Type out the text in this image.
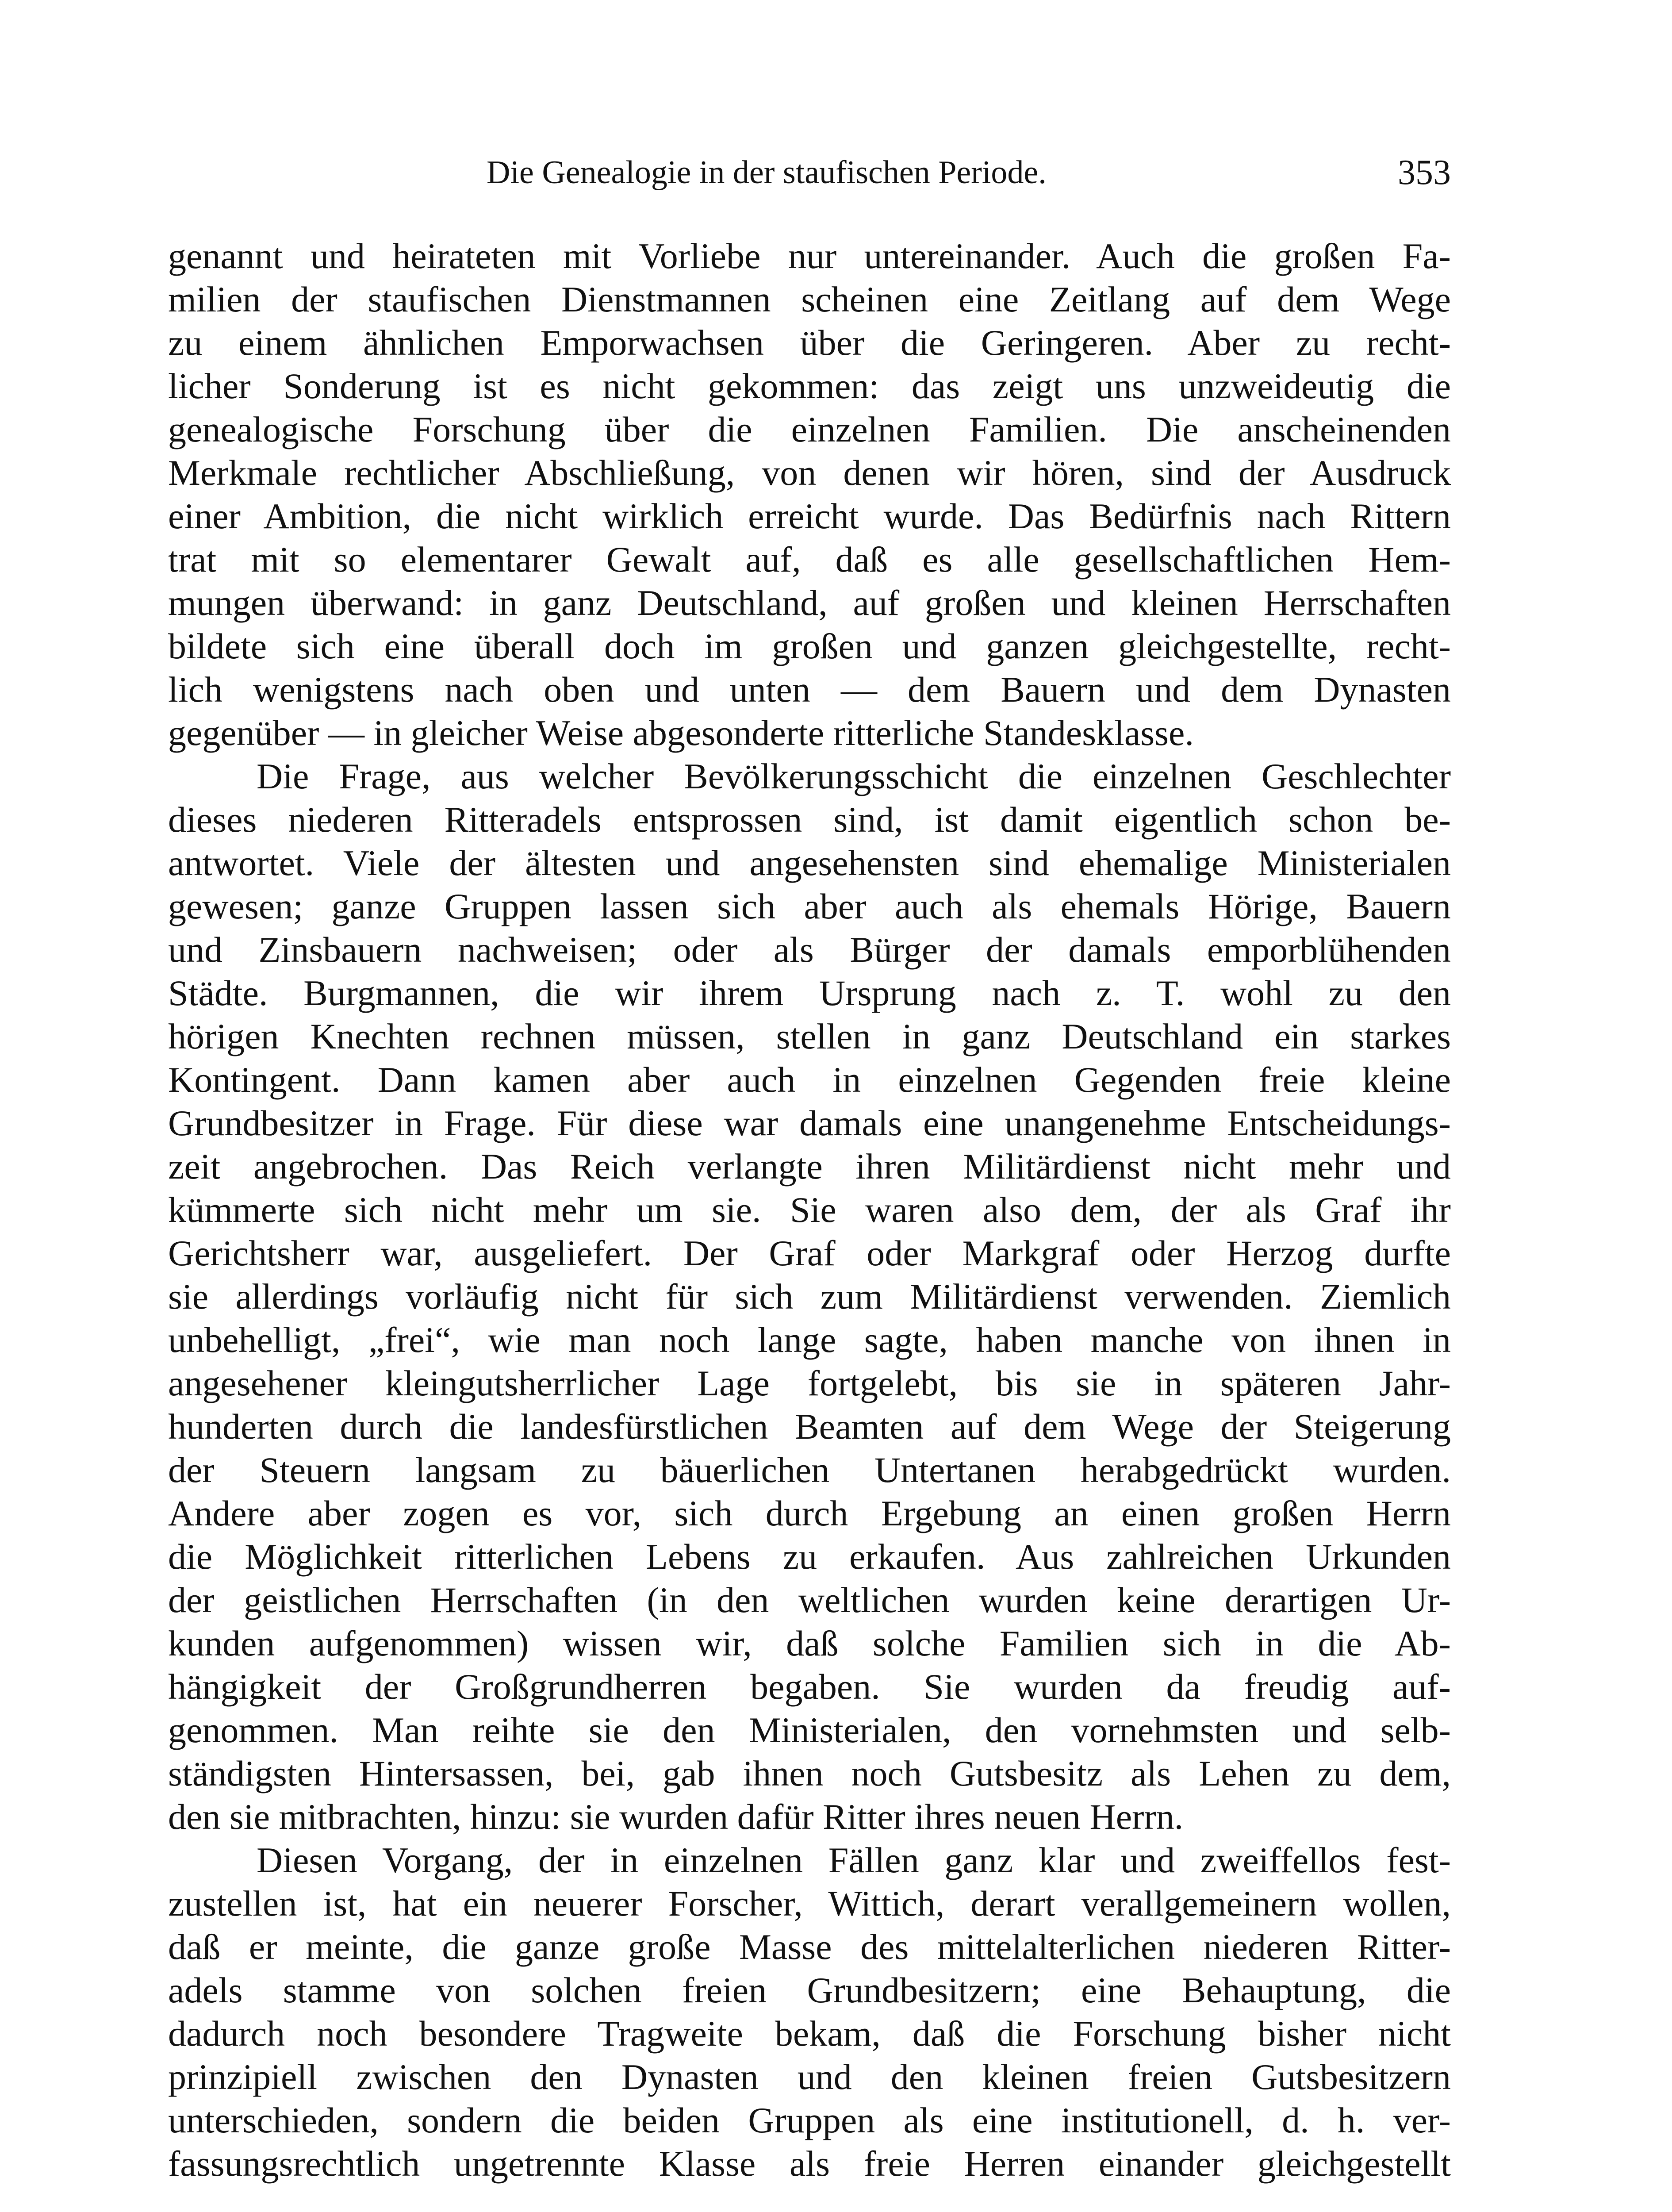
Die Genealogie in der staufischen Periode.	353
genannt und heirateten mit Vorliebe nur untereinander. Auch die großen Fa-
milien der staufischen Dienstmannen scheinen eine Zeitlang auf dem Wege
zu einem ähnlichen Emporwachsen über die Geringeren. Aber zu recht-
licher Sonderung ist es nicht gekommen: das zeigt uns unzweideutig die
genealogische Forschung über die einzelnen Familien. Die anscheinenden
Merkmale rechtlicher Abschließung, von denen wir hören, sind der Ausdruck
einer Ambition, die nicht wirklich erreicht wurde. Das Bedürfnis nach Rittern
trat mit so elementarer Gewalt auf, daß es alle gesellschaftlichen Hem-
mungen überwand: in ganz Deutschland, auf großen und kleinen Herrschaften
bildete sich eine überall doch im großen und ganzen gleichgestellte, recht-
lich wenigstens nach oben und unten — dem Bauern und dem Dynasten
gegenüber — in gleicher Weise abgesonderte ritterliche Standesklasse.
Die Frage, aus welcher Bevölkerungsschicht die einzelnen Geschlechter
dieses niederen Ritteradels entsprossen sind, ist damit eigentlich schon be-
antwortet. Viele der ältesten und angesehensten sind ehemalige Ministerialen
gewesen; ganze Gruppen lassen sich aber auch als ehemals Hörige, Bauern
und Zinsbauern nachweisen; oder als Bürger der damals emporblühenden
Städte. Burgmannen, die wir ihrem Ursprung nach z. T. wohl zu den
hörigen Knechten rechnen müssen, stellen in ganz Deutschland ein starkes
Kontingent. Dann kamen aber auch in einzelnen Gegenden freie kleine
Grundbesitzer in Frage. Für diese war damals eine unangenehme Entscheidungs-
zeit angebrochen. Das Reich verlangte ihren Militärdienst nicht mehr und
kümmerte sich nicht mehr um sie. Sie waren also dem, der als Graf ihr
Gerichtsherr war, ausgeliefert. Der Graf oder Markgraf oder Herzog durfte
sie allerdings vorläufig nicht für sich zum Militärdienst verwenden. Ziemlich
unbehelligt, „frei“, wie man noch lange sagte, haben manche von ihnen in
angesehener kleingutsherrlicher Lage fortgelebt, bis sie in späteren Jahr-
hunderten durch die landesfürstlichen Beamten auf dem Wege der Steigerung
der Steuern langsam zu bäuerlichen Untertanen herabgedrückt wurden.
Andere aber zogen es vor, sich durch Ergebung an einen großen Herrn
die Möglichkeit ritterlichen Lebens zu erkaufen. Aus zahlreichen Urkunden
der geistlichen Herrschaften (in den weltlichen wurden keine derartigen Ur-
kunden aufgenommen) wissen wir, daß solche Familien sich in die Ab-
hängigkeit der Großgrundherren begaben. Sie wurden da freudig auf-
genommen. Man reihte sie den Ministerialen, den vornehmsten und selb-
ständigsten Hintersassen, bei, gab ihnen noch Gutsbesitz als Lehen zu dem,
den sie mitbrachten, hinzu: sie wurden dafür Ritter ihres neuen Herrn.
Diesen Vorgang, der in einzelnen Fällen ganz klar und zweiffellos fest-
zustellen ist, hat ein neuerer Forscher, Wittich, derart verallgemeinern wollen,
daß er meinte, die ganze große Masse des mittelalterlichen niederen Ritter-
adels stamme von solchen freien Grundbesitzern; eine Behauptung, die
dadurch noch besondere Tragweite bekam, daß die Forschung bisher nicht
prinzipiell zwischen den Dynasten und den kleinen freien Gutsbesitzern
unterschieden, sondern die beiden Gruppen als eine institutionell, d. h. ver-
fassungsrechtlich ungetrennte Klasse als freie Herren einander gleichgestellt
